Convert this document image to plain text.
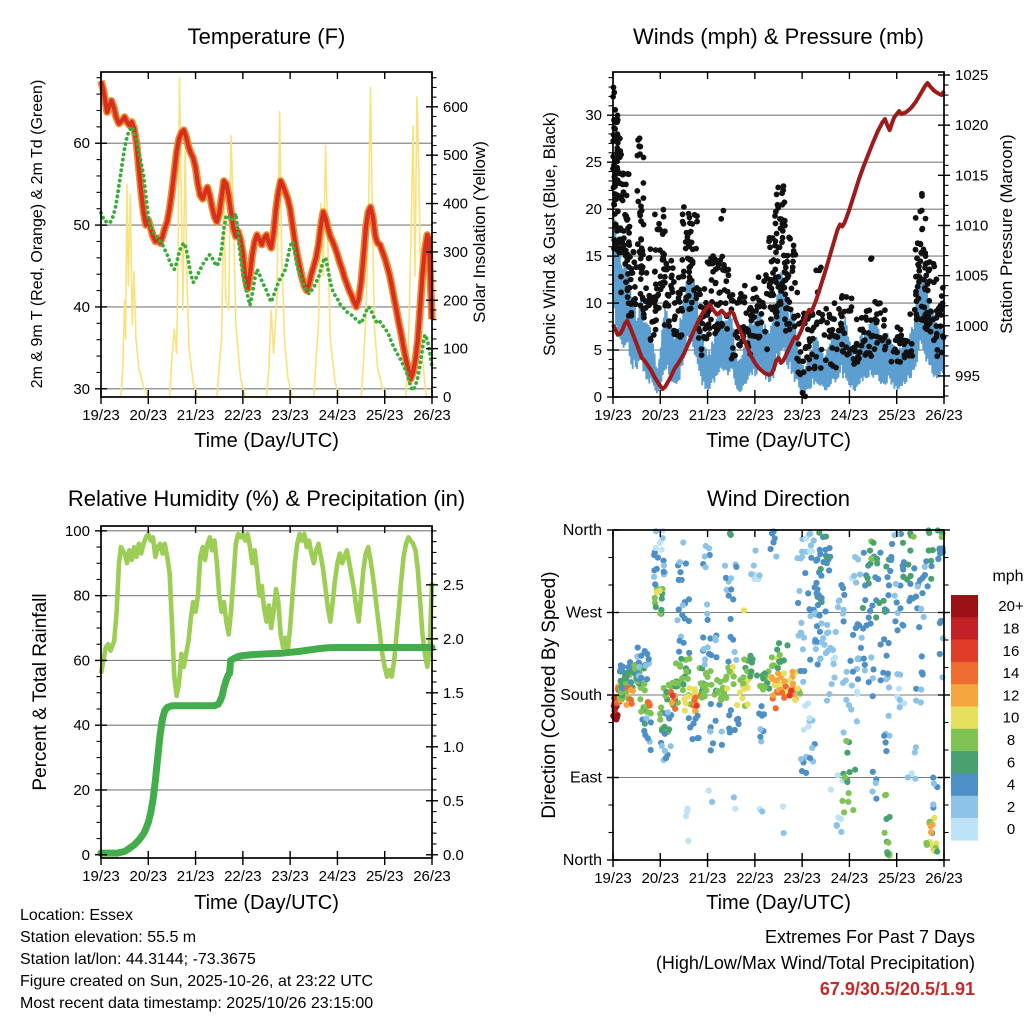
19/23 20/23 21/23 22/23 23/23 24/23 25/23 26/23
30
40
50
60
0
100
200
300
400
500
600
19/23 20/23 21/23 22/23 23/23 24/23 25/23 26/23
0
5
10
15
20
25
30
995
1000
1005
1010
1015
1020
1025
19/23 20/23 21/23 22/23 23/23 24/23 25/23 26/23
0
20
40
60
80
100
0.0
0.5
1.0
1.5
2.0
2.5
19/23 20/23 21/23 22/23 23/23 24/23 25/23 26/23
North
West
South
East
North
20+
18
16
14
12
10
8
6
4
2
0
Temperature (F)	Winds (mph) & Pressure (mb)
Relative Humidity (%) & Precipitation (in)	Wind Direction
Time (Day/UTC)	Time (Day/UTC)
Time (Day/UTC)	Time (Day/UTC)
2m & 9m T (Red, Orange) & 2m Td (Green)	Solar Insolation (Yellow)	Sonic Wind & Gust (Blue, Black)	Station Pressure (Maroon)
Percent & Total Rainfall	Direction (Colored By Speed)	mph
Location: Essex
Station elevation: 55.5 m
Station lat/lon: 44.3144; -73.3675
Figure created on Sun, 2025-10-26, at 23:22 UTC
Most recent data timestamp: 2025/10/26 23:15:00
Extremes For Past 7 Days
(High/Low/Max Wind/Total Precipitation)
67.9/30.5/20.5/1.91
